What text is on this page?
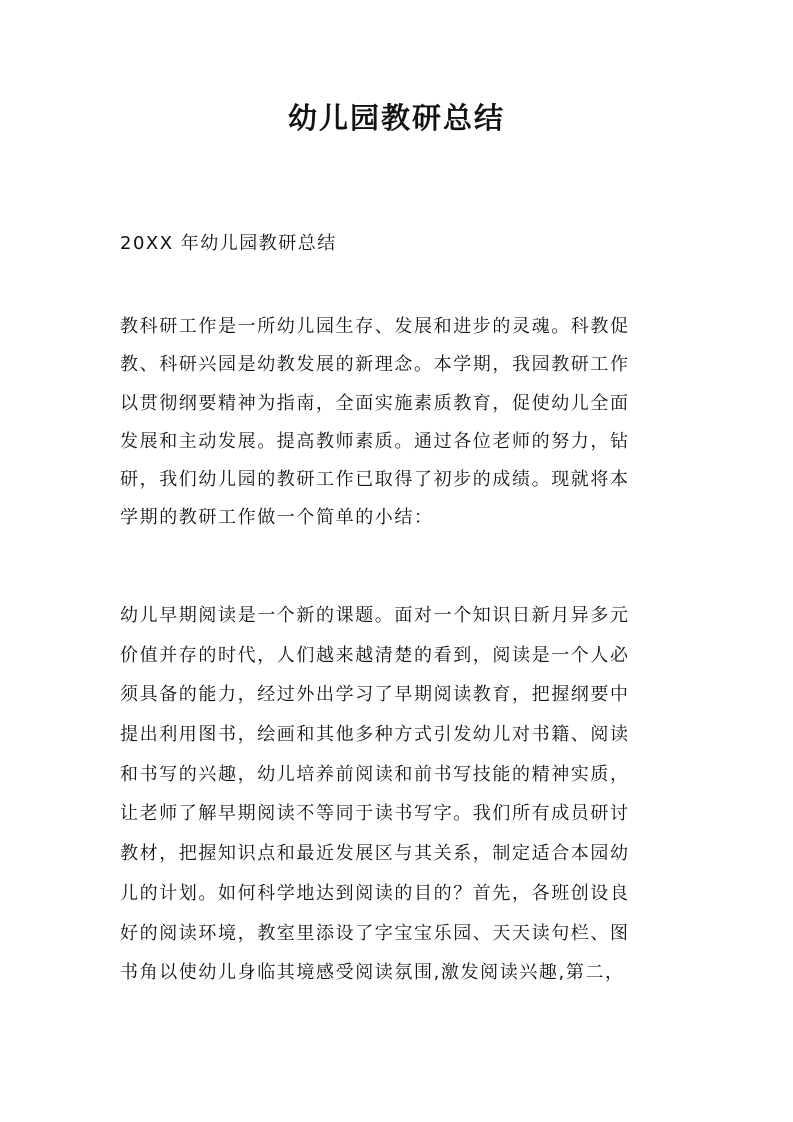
幼儿园教研总结
20XX 年幼儿园教研总结
教科研工作是一所幼儿园生存、发展和进步的灵魂。科教促
教、科研兴园是幼教发展的新理念。本学期，我园教研工作
以贯彻纲要精神为指南，全面实施素质教育，促使幼儿全面
发展和主动发展。提高教师素质。通过各位老师的努力，钻
研，我们幼儿园的教研工作已取得了初步的成绩。现就将本
学期的教研工作做一个简单的小结：
幼儿早期阅读是一个新的课题。面对一个知识日新月异多元
价值并存的时代，人们越来越清楚的看到，阅读是一个人必
须具备的能力，经过外出学习了早期阅读教育，把握纲要中
提出利用图书，绘画和其他多种方式引发幼儿对书籍、阅读
和书写的兴趣，幼儿培养前阅读和前书写技能的精神实质，
让老师了解早期阅读不等同于读书写字。我们所有成员研讨
教材，把握知识点和最近发展区与其关系，制定适合本园幼
儿的计划。如何科学地达到阅读的目的？首先，各班创设良
好的阅读环境，教室里添设了字宝宝乐园、天天读句栏、图
书角以使幼儿身临其境感受阅读氛围,激发阅读兴趣,第二，
